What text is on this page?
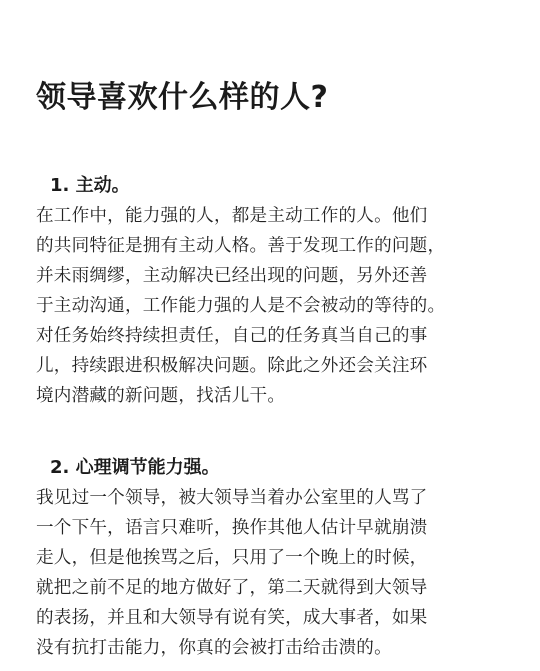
领导喜欢什么样的人?

1. 主动。

在工作中，能力强的人，都是主动工作的人。他们
的共同特征是拥有主动人格。善于发现工作的问题，
并未雨绸缪，主动解决已经出现的问题，另外还善
于主动沟通，工作能力强的人是不会被动的等待的。
对任务始终持续担责任，自己的任务真当自己的事
儿，持续跟进积极解决问题。除此之外还会关注环
境内潜藏的新问题，找活儿干。

2. 心理调节能力强。

我见过一个领导，被大领导当着办公室里的人骂了
一个下午，语言只难听，换作其他人估计早就崩溃
走人，但是他挨骂之后，只用了一个晚上的时候，
就把之前不足的地方做好了，第二天就得到大领导
的表扬，并且和大领导有说有笑，成大事者，如果
没有抗打击能力，你真的会被打击给击溃的。
